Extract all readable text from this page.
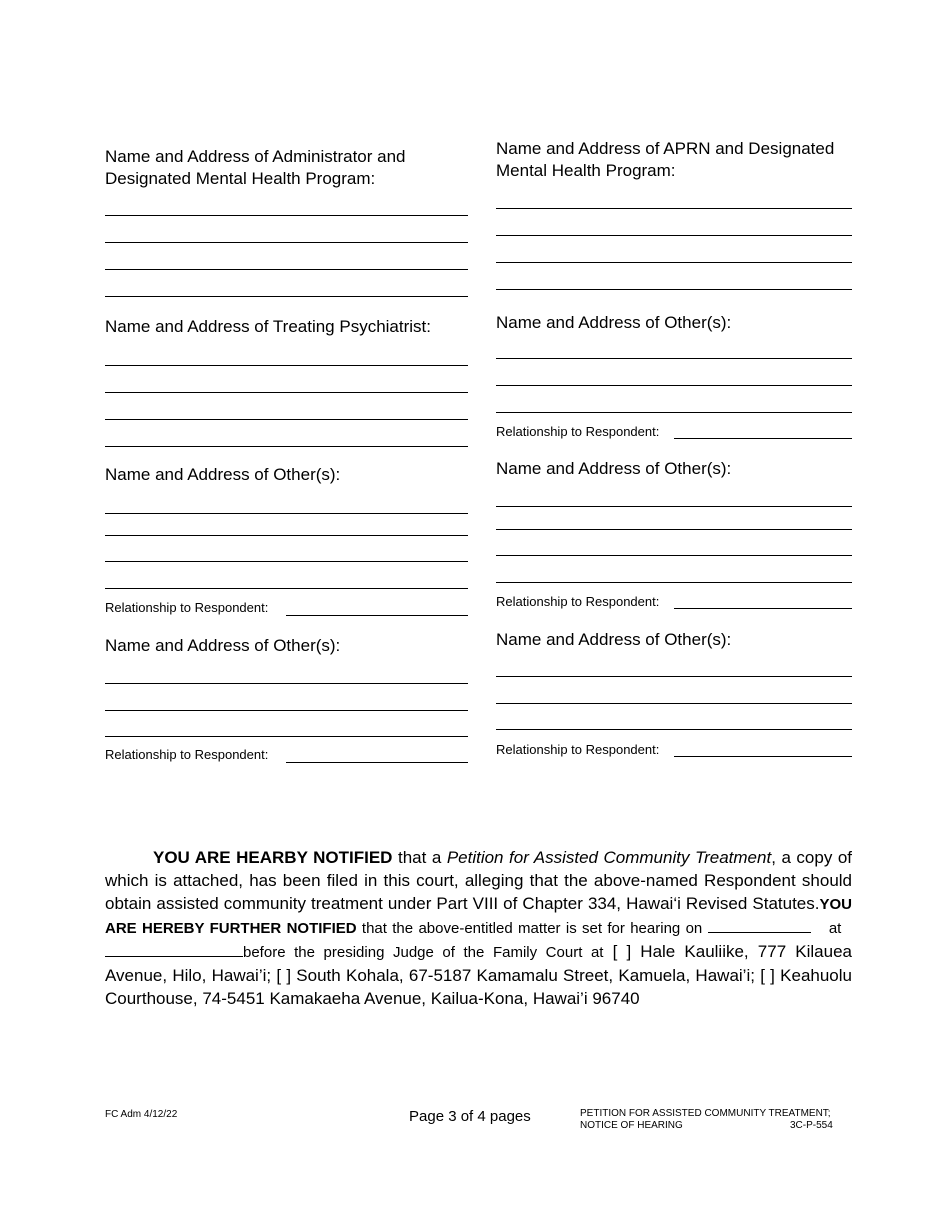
Name and Address of Administrator and Designated Mental Health Program:
Name and Address of Treating Psychiatrist:
Name and Address of Other(s):
Relationship to Respondent:
Name and Address of Other(s):
Relationship to Respondent:
Name and Address of APRN and Designated Mental Health Program:
Name and Address of Other(s):
Relationship to Respondent:
Name and Address of Other(s):
Relationship to Respondent:
Name and Address of Other(s):
Relationship to Respondent:

YOU ARE HEARBY NOTIFIED that a Petition for Assisted Community Treatment, a copy of which is attached, has been filed in this court, alleging that the above-named Respondent should obtain assisted community treatment under Part VIII of Chapter 334, Hawai‘i Revised Statutes.YOU ARE HEREBY FURTHER NOTIFIED that the above-entitled matter is set for hearing on	at   before the presiding Judge of the Family Court at [ ] Hale Kauliike, 777 Kilauea Avenue, Hilo, Hawai’i; [ ] South Kohala, 67-5187 Kamamalu Street, Kamuela, Hawai’i; [ ] Keahuolu Courthouse, 74-5451 Kamakaeha Avenue, Kailua-Kona, Hawai’i 96740

FC Adm 4/12/22	Page 3 of 4 pages	PETITION FOR ASSISTED COMMUNITY TREATMENT;
NOTICE OF HEARING	3C-P-554
